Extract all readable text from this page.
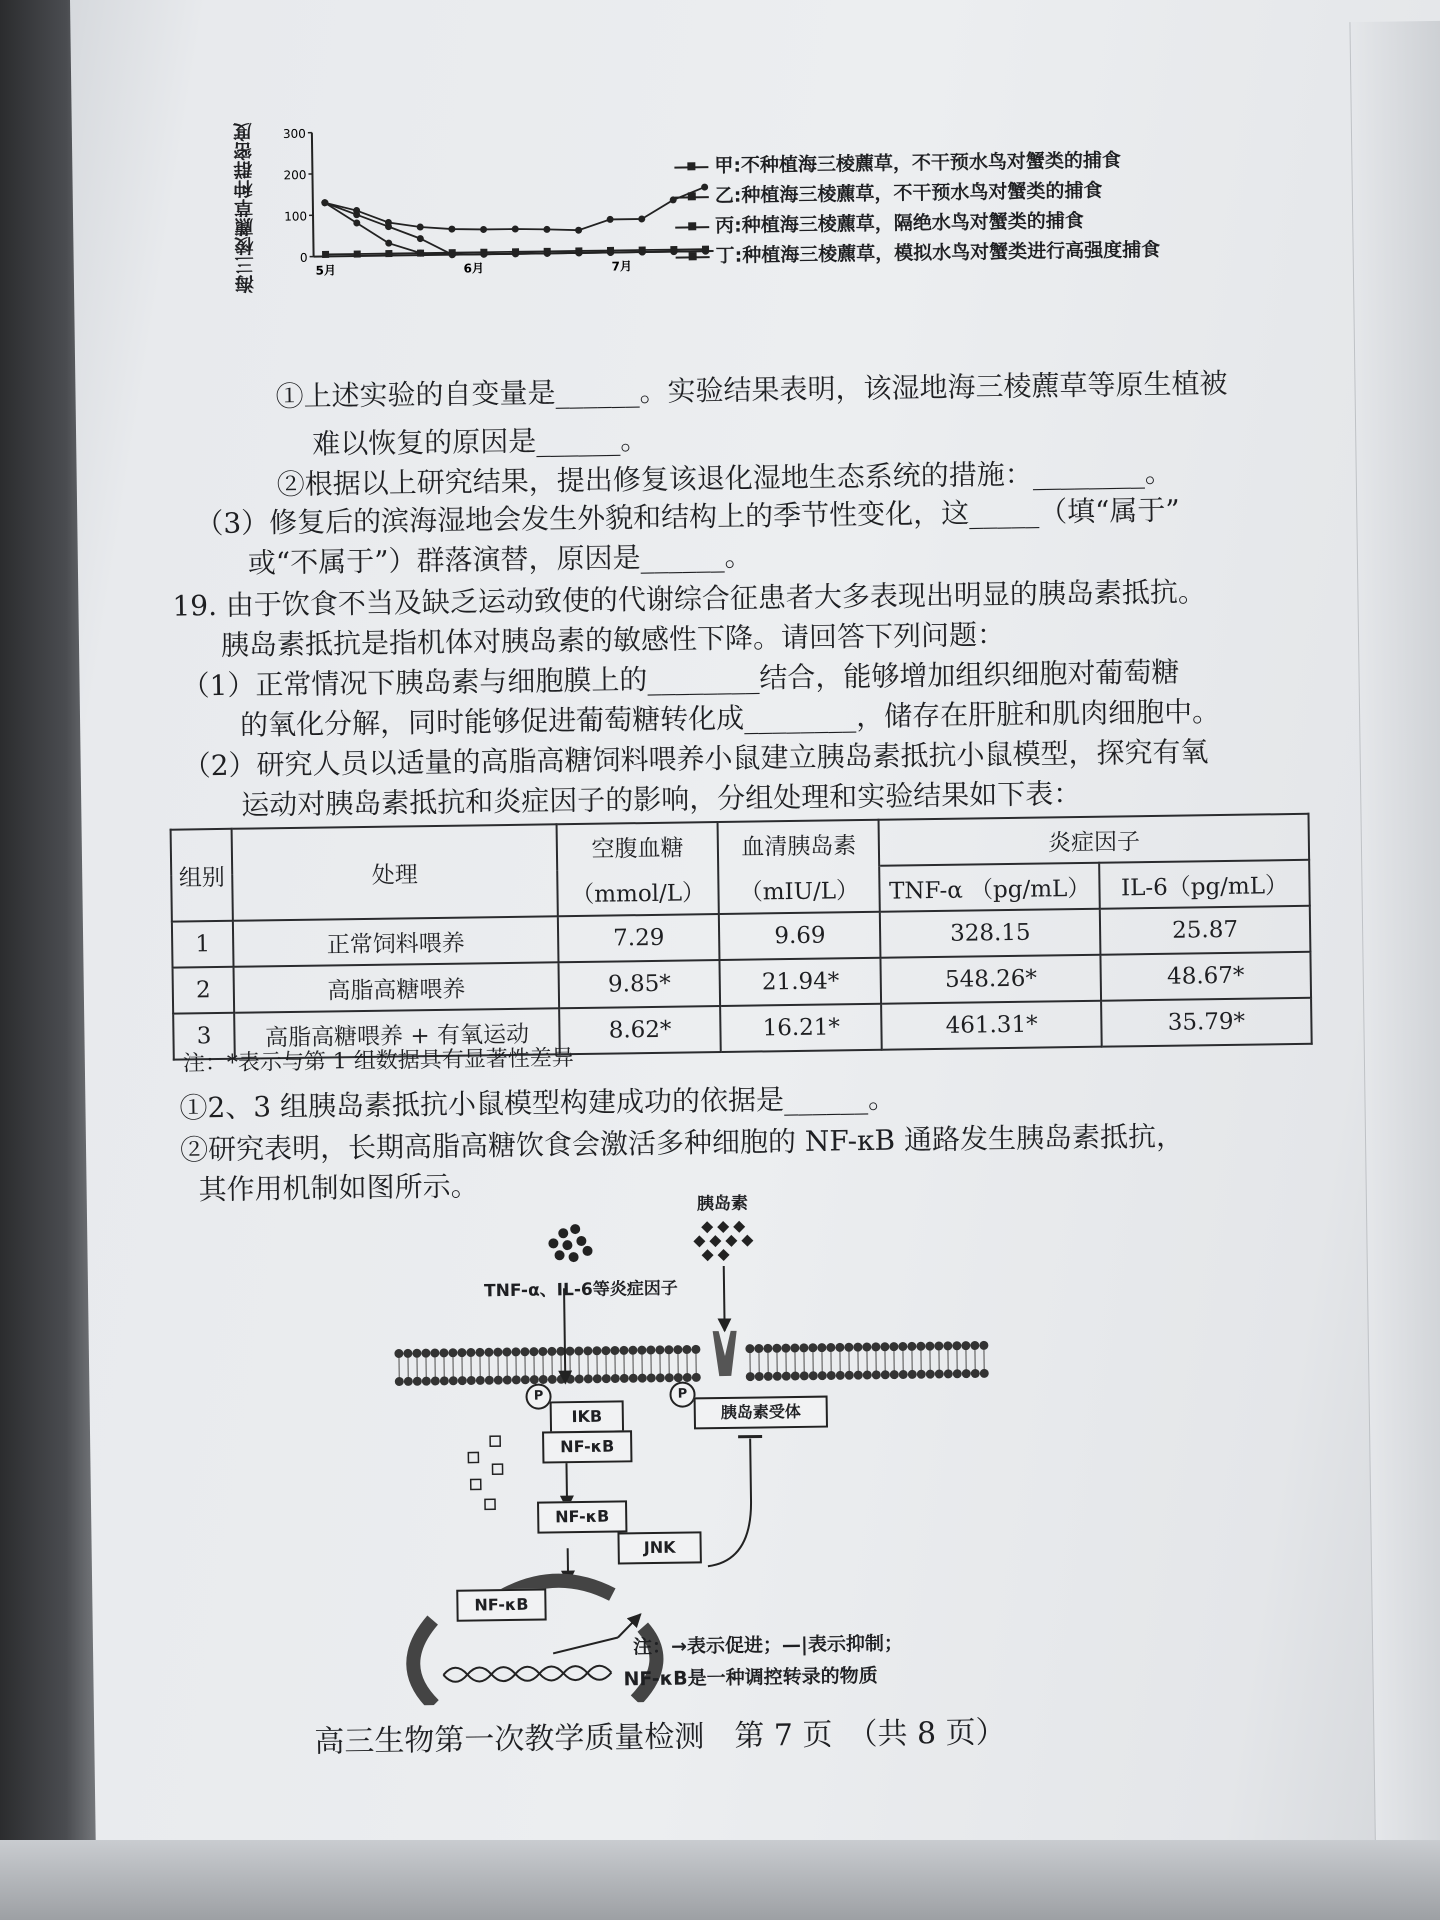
300
200
100
0
5月	6月	7月
海三棱藨草种群密度	甲:不种植海三棱藨草，不干预水鸟对蟹类的捕食
乙:种植海三棱藨草，不干预水鸟对蟹类的捕食
丙:种植海三棱藨草，隔绝水鸟对蟹类的捕食
丁:种植海三棱藨草，模拟水鸟对蟹类进行高强度捕食
①上述实验的自变量是______。实验结果表明，该湿地海三棱藨草等原生植被
难以恢复的原因是______。
②根据以上研究结果，提出修复该退化湿地生态系统的措施：________。
（3）修复后的滨海湿地会发生外貌和结构上的季节性变化，这_____（填“属于”
或“不属于”）群落演替，原因是______。
19. 由于饮食不当及缺乏运动致使的代谢综合征患者大多表现出明显的胰岛素抵抗。
胰岛素抵抗是指机体对胰岛素的敏感性下降。请回答下列问题：
（1）正常情况下胰岛素与细胞膜上的________结合，能够增加组织细胞对葡萄糖
的氧化分解，同时能够促进葡萄糖转化成________，储存在肝脏和肌肉细胞中。
（2）研究人员以适量的高脂高糖饲料喂养小鼠建立胰岛素抵抗小鼠模型，探究有氧
运动对胰岛素抵抗和炎症因子的影响，分组处理和实验结果如下表：
组别	处理	空腹血糖	血清胰岛素	炎症因子	
		（mmol/L）	（mIU/L）	TNF-α （pg/mL）	IL-6（pg/mL）
1	正常饲料喂养	7.29	9.69	328.15	25.87
2	高脂高糖喂养	9.85*	21.94*	548.26*	48.67*
3	高脂高糖喂养 + 有氧运动	8.62*	16.21*	461.31*	35.79*
注：*表示与第 1 组数据具有显著性差异
①2、3 组胰岛素抵抗小鼠模型构建成功的依据是______。
②研究表明，长期高脂高糖饮食会激活多种细胞的 NF-κB 通路发生胰岛素抵抗，
其作用机制如图所示。	胰岛素
TNF-α、IL-6等炎症因子
P
IKB
NF-κB
P
胰岛素受体
NF-κB
JNK
NF-κB
注：→表示促进；—|表示抑制；
NF-κB是一种调控转录的物质
高三生物第一次教学质量检测　第 7 页　（共 8 页）
